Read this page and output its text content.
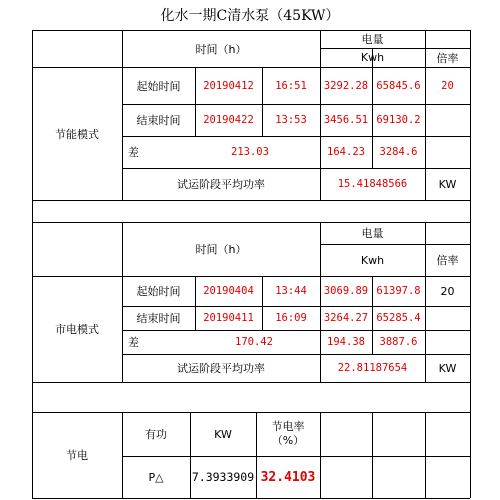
化水一期C清水泵（45KW）
时间（h）
电量
Kwh	倍率
节能模式
起始时间	20190412	16:51	3292.28 65845.6	20
结束时间	20190422	13:53	3456.51 69130.2
差	213.03	164.23	3284.6
试运阶段平均功率	15.41848566	KW
时间（h）
电量
Kwh	倍率
市电模式
起始时间	20190404	13:44	3069.89 61397.8	20
结束时间	20190411	16:09	3264.27 65285.4
差	170.42	194.38	3887.6
试运阶段平均功率	22.81187654	KW
节电
有功	KW
节电率
（%）
P△	7.3933909 32.4103
